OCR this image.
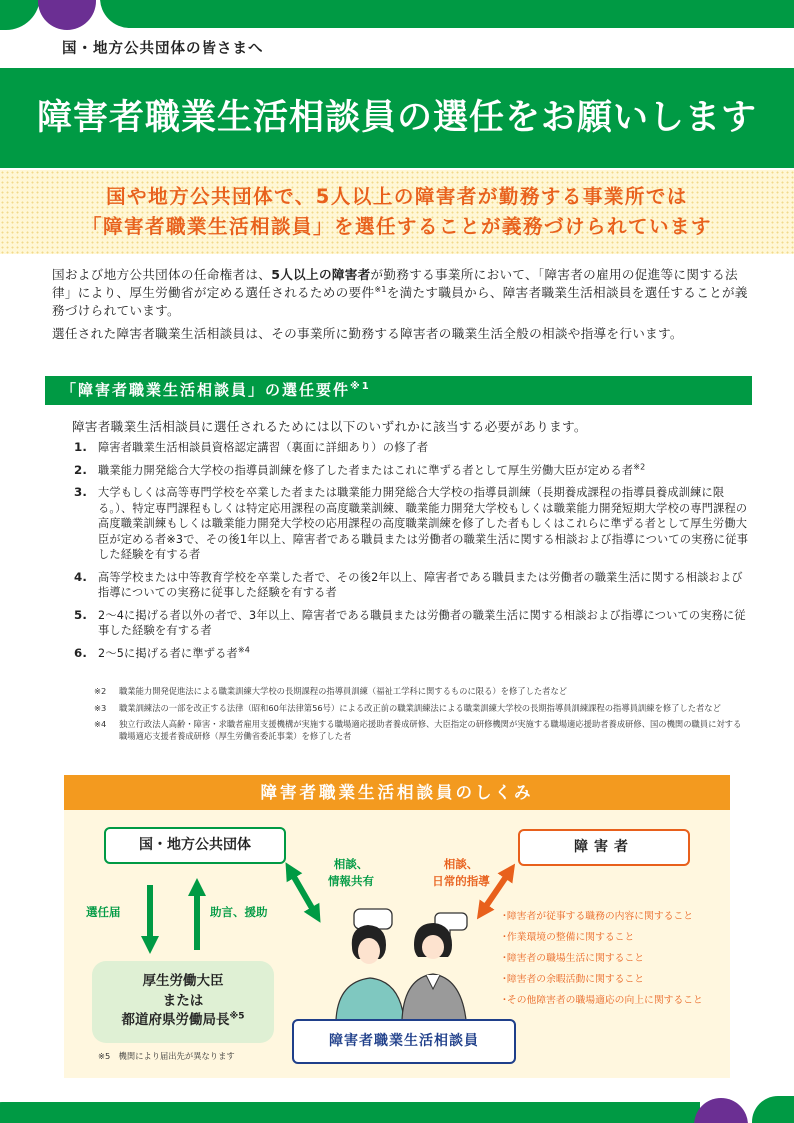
国・地方公共団体の皆さまへ
障害者職業生活相談員の選任をお願いします

国や地方公共団体で、5人以上の障害者が勤務する事業所では

「障害者職業生活相談員」を選任することが義務づけられています

国および地方公共団体の任命権者は、5人以上の障害者が勤務する事業所において、「障害者の雇用の促進等に関する法律」により、厚生労働省が定める選任されるための要件$^{※1}$を満たす職員から、障害者職業生活相談員を選任することが義務づけられています。

選任された障害者職業生活相談員は、その事業所に勤務する障害者の職業生活全般の相談や指導を行います。

「障害者職業生活相談員」の選任要件$^{※1}$
障害者職業生活相談員に選任されるためには以下のいずれかに該当する必要があります。
1. 障害者職業生活相談員資格認定講習（裏面に詳細あり）の修了者
2. 職業能力開発総合大学校の指導員訓練を修了した者またはこれに準ずる者として厚生労働大臣が定める者$^{※2}$
3. 大学もしくは高等専門学校を卒業した者または職業能力開発総合大学校の指導員訓練（長期養成課程の指導員養成訓練に限る。）、特定専門課程もしくは特定応用課程の高度職業訓練、職業能力開発大学校もしくは職業能力開発短期大学校の専門課程の高度職業訓練もしくは職業能力開発大学校の応用課程の高度職業訓練を修了した者もしくはこれらに準ずる者として厚生労働大臣が定める者※3で、その後1年以上、障害者である職員または労働者の職業生活に関する相談および指導についての実務に従事した経験を有する者
4. 高等学校または中等教育学校を卒業した者で、その後2年以上、障害者である職員または労働者の職業生活に関する相談および指導についての実務に従事した経験を有する者
5. 2～4に掲げる者以外の者で、3年以上、障害者である職員または労働者の職業生活に関する相談および指導についての実務に従事した経験を有する者
6. 2～5に掲げる者に準ずる者$^{※4}$
※2	職業能力開発促進法による職業訓練大学校の長期課程の指導員訓練（福祉工学科に関するものに限る）を修了した者など
※3	職業訓練法の一部を改正する法律（昭和60年法律第56号）による改正前の職業訓練法による職業訓練大学校の長期指導員訓練課程の指導員訓練を修了した者など
※4	独立行政法人高齢・障害・求職者雇用支援機構が実施する職場適応援助者養成研修、大臣指定の研修機関が実施する職場適応援助者養成研修、国の機関の職員に対する職場適応支援者養成研修（厚生労働省委託事業）を修了した者
障害者職業生活相談員のしくみ
国・地方公共団体	障害者
選任届	助言、援助
相談、
情報共有
相談、
日常的指導
･障害者が従事する職務の内容に関すること
･作業環境の整備に関すること
･障害者の職場生活に関すること
･障害者の余暇活動に関すること
･その他障害者の職場適応の向上に関すること
厚生労働大臣
または
都道府県労働局長$^{※5}$
障害者職業生活相談員
※5　機関により届出先が異なります
